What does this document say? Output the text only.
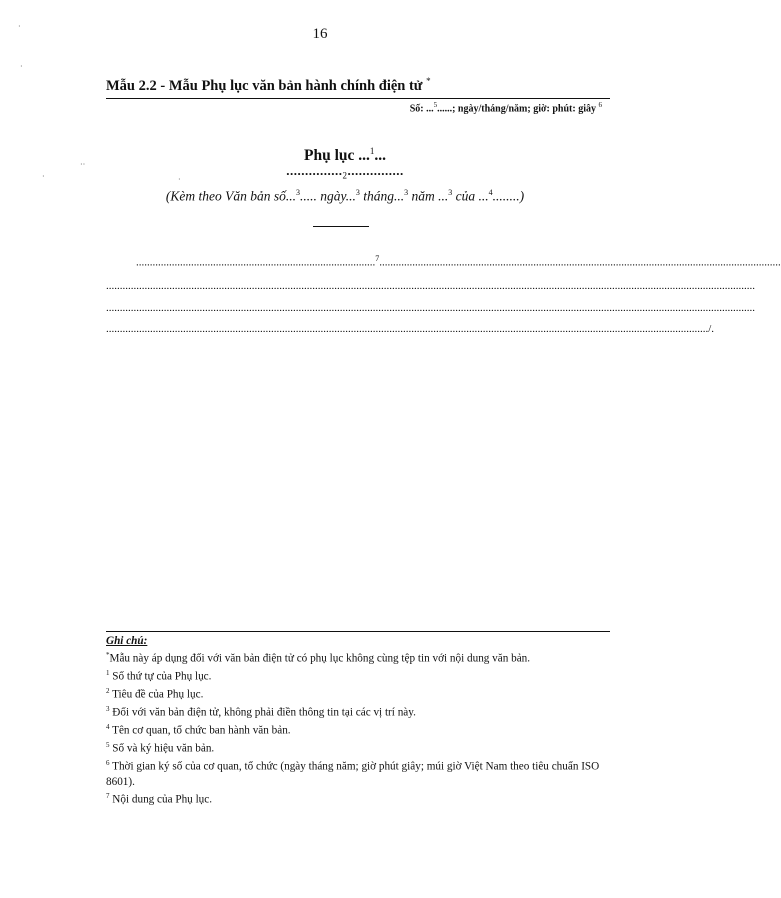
16
Mẫu 2.2 - Mẫu Phụ lục văn bản hành chính điện tử *
Số: ...$^5$......; ngày/tháng/năm; giờ: phút: giây $^6$
Phụ lục ...$^1$...
$..............._2$...............
(Kèm theo Văn bản số...$^3$..... ngày...$^3$ tháng...$^3$ năm ...$^3$ của ...$^4$........)
.......................................................................................$^7$..................................................................................................................................................
............................................................................................................................................................................................................................................
............................................................................................................................................................................................................................................
.........................................................................................................................................................................................................................../.
Ghi chú:
*Mẫu này áp dụng đối với văn bản điện tử có phụ lục không cùng tệp tin với nội dung văn bản.
$^1$ Số thứ tự của Phụ lục.
$^2$ Tiêu đề của Phụ lục.
$^3$ Đối với văn bản điện tử, không phải điền thông tin tại các vị trí này.
$^4$ Tên cơ quan, tổ chức ban hành văn bản.
$^5$ Số và ký hiệu văn bản.
$^6$ Thời gian ký số của cơ quan, tổ chức (ngày tháng năm; giờ phút giây; múi giờ Việt Nam theo tiêu chuẩn ISO 8601).
$^7$ Nội dung của Phụ lục.
·
·
··
·	·
